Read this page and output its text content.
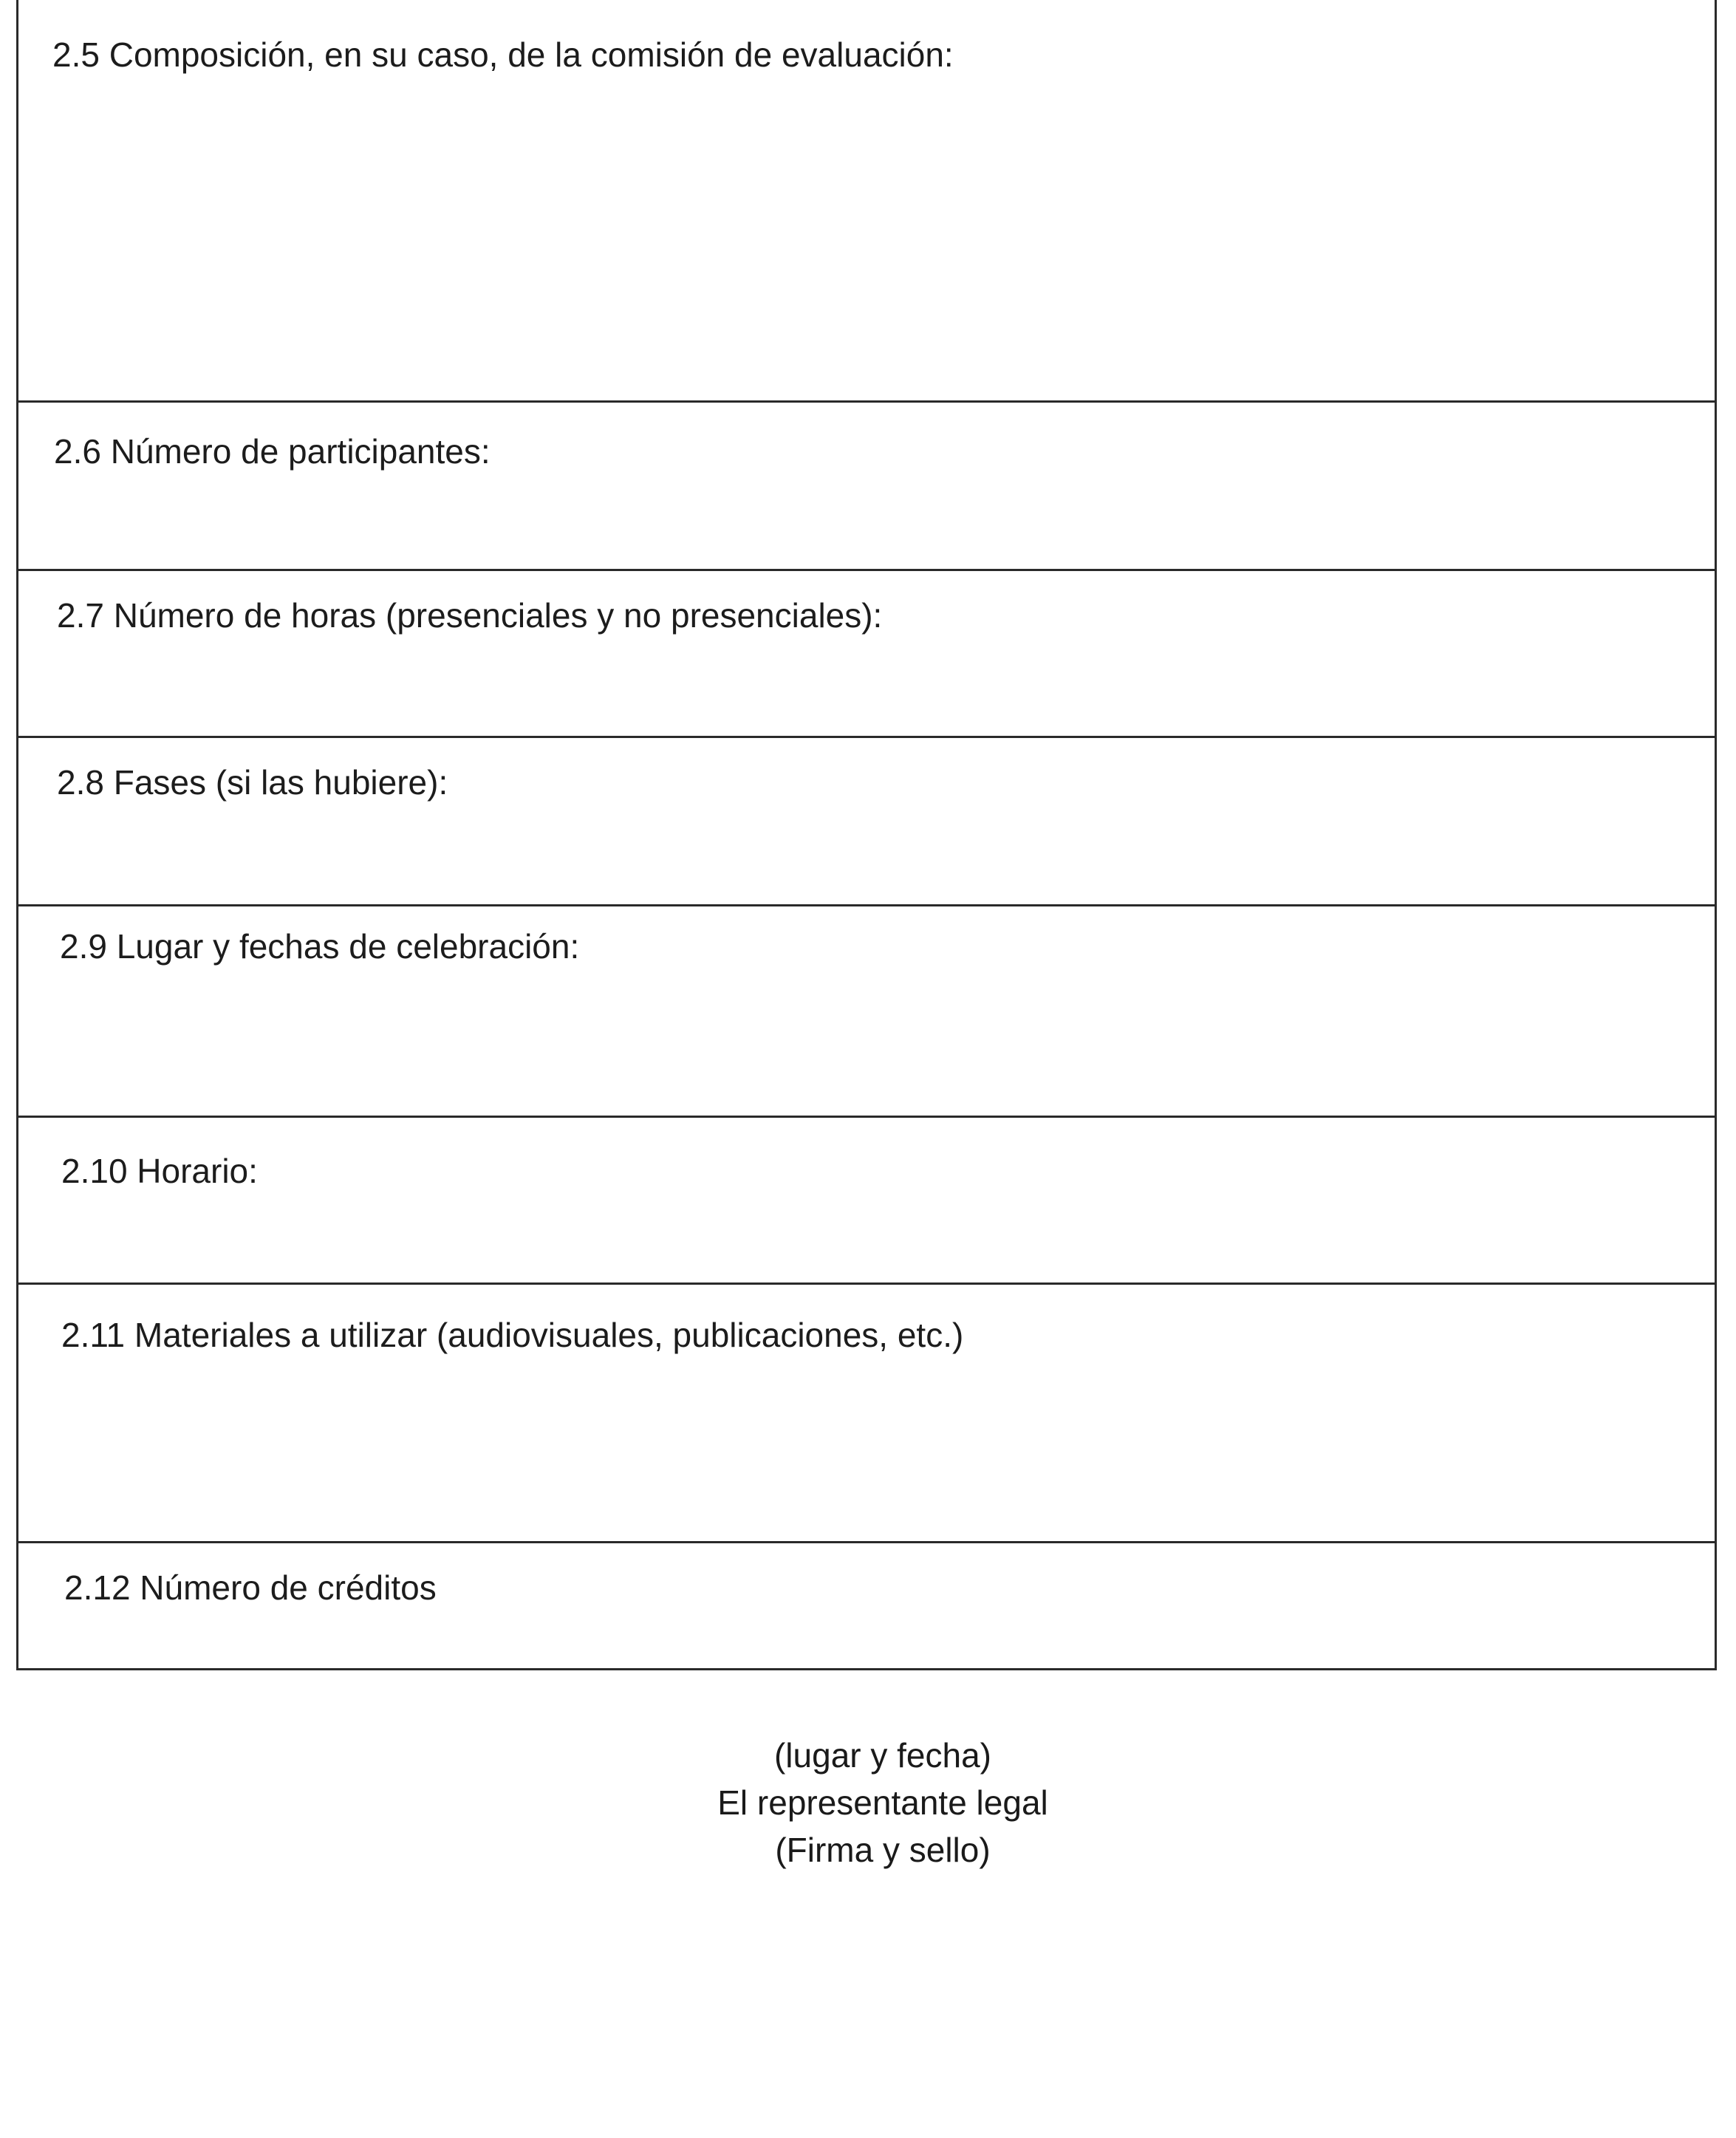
2.5 Composición, en su caso, de la comisión de evaluación:
2.6 Número de participantes:
2.7 Número de horas (presenciales y no presenciales):
2.8 Fases (si las hubiere):
2.9 Lugar y fechas de celebración:
2.10 Horario:
2.11 Materiales a utilizar (audiovisuales, publicaciones, etc.)
2.12 Número de créditos
(lugar y fecha)
El representante legal
(Firma y sello)
